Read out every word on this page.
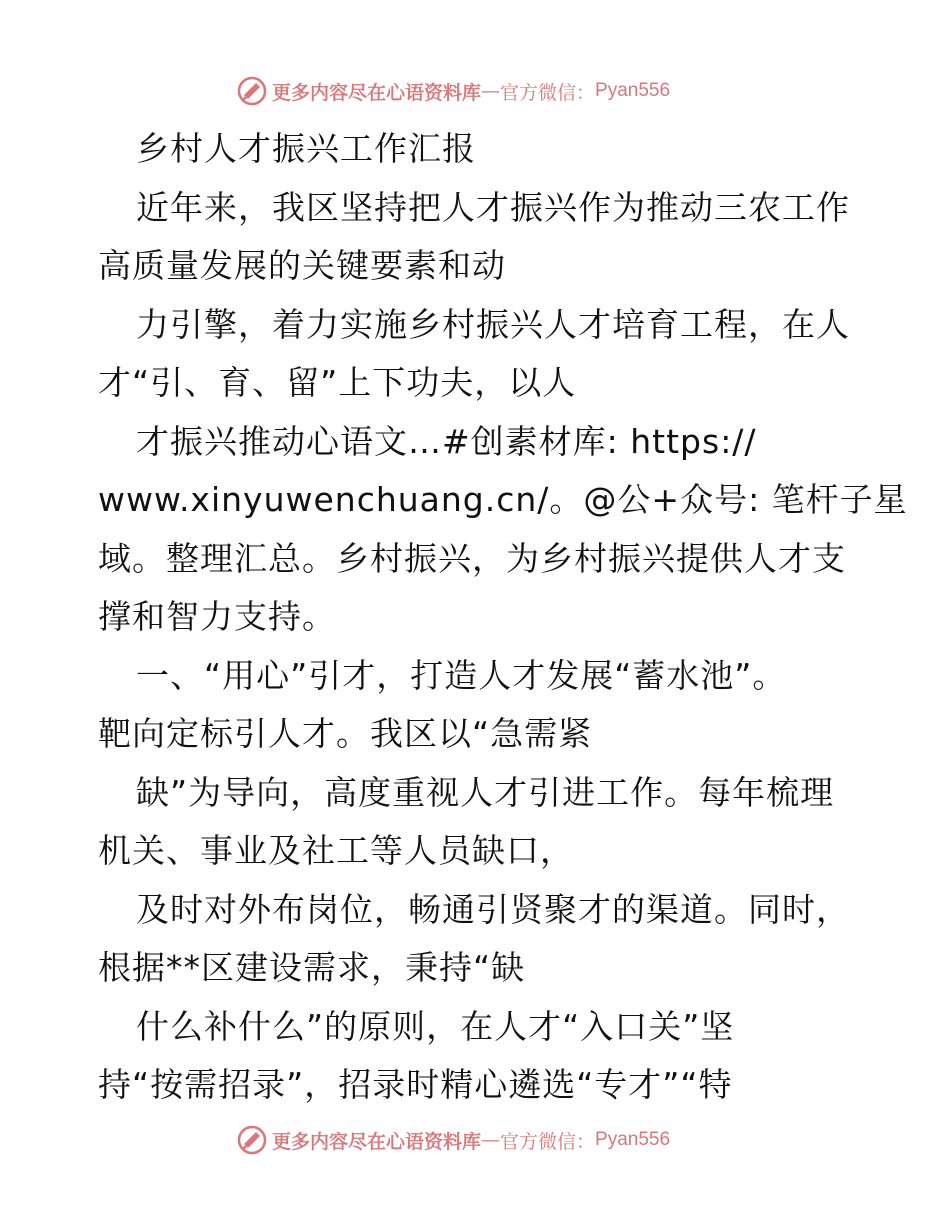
更多内容尽在心语资料库 — 官方微信： Pyan556
乡村人才振兴工作汇报
近年来，我区坚持把人才振兴作为推动三农工作
高质量发展的关键要素和动
力引擎，着力实施乡村振兴人才培育工程，在人
才“引、育、留”上下功夫，以人
才振兴推动心语文…#创素材库: https://
www.xinyuwenchuang.cn/。@公+众号: 笔杆子星
域。整理汇总。乡村振兴，为乡村振兴提供人才支
撑和智力支持。
一、“用心”引才，打造人才发展“蓄水池”。
靶向定标引人才。我区以“急需紧
缺”为导向，高度重视人才引进工作。每年梳理
机关、事业及社工等人员缺口，
及时对外布岗位，畅通引贤聚才的渠道。同时，
根据**区建设需求，秉持“缺
什么补什么”的原则，在人才“入口关”坚
持“按需招录”，招录时精心遴选“专才”“特
更多内容尽在心语资料库 — 官方微信： Pyan556
